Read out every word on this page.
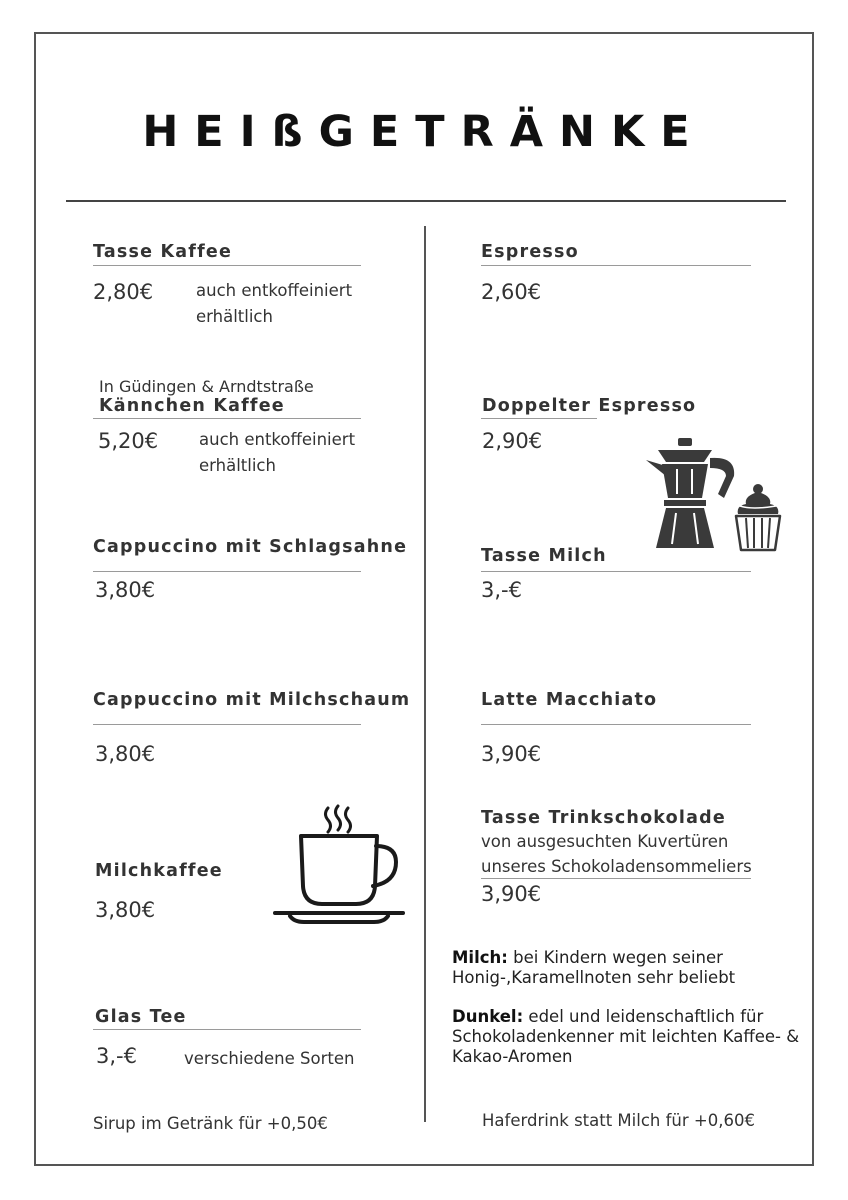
HEIßGETRÄNKE
Tasse Kaffee
2,80€	auch entkoffeiniert erhältlich
In Güdingen & Arndtstraße
Kännchen Kaffee
5,20€ auch entkoffeiniert erhältlich
Cappuccino mit Schlagsahne
3,80€
Cappuccino mit Milchschaum
3,80€
Milchkaffee
3,80€
Glas Tee
3,-€	verschiedene Sorten
Sirup im Getränk für +0,50€
Espresso
2,60€
Doppelter Espresso
2,90€
Tasse Milch
3,-€
Latte Macchiato
3,90€
Tasse Trinkschokolade
von ausgesuchten Kuvertüren
unseres Schokoladensommeliers
3,90€
Milch: bei Kindern wegen seiner Honig-,Karamellnoten sehr beliebt
Dunkel: edel und leidenschaftlich für Schokoladenkenner mit leichten Kaffee- & Kakao-Aromen
Haferdrink statt Milch für +0,60€
